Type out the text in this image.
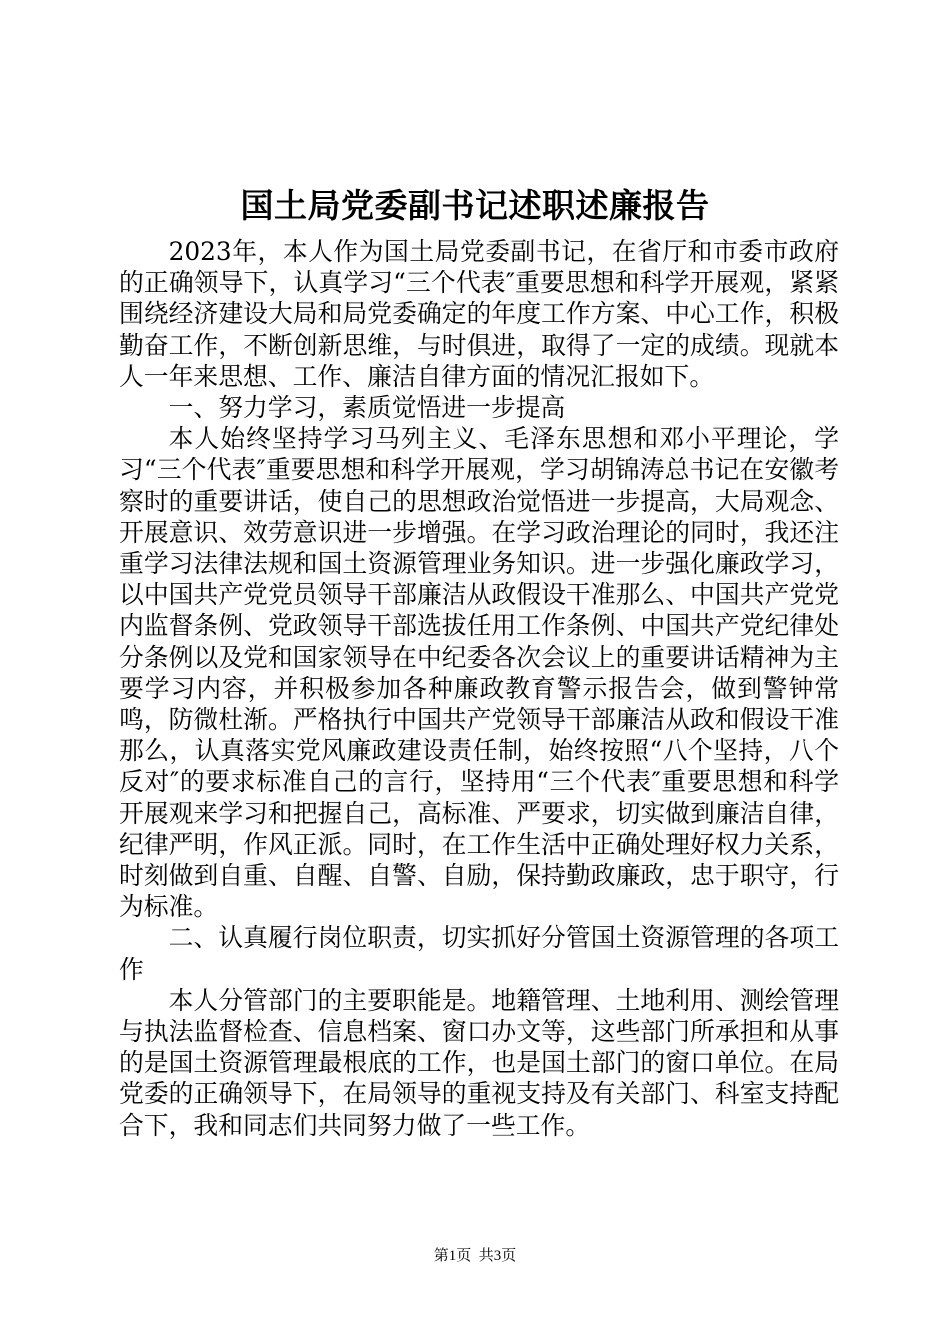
国土局党委副书记述职述廉报告

2023年，本人作为国土局党委副书记，在省厅和市委市政府的正确领导下，认真学习“三个代表″重要思想和科学开展观，紧紧围绕经济建设大局和局党委确定的年度工作方案、中心工作，积极勤奋工作，不断创新思维，与时俱进，取得了一定的成绩。现就本人一年来思想、工作、廉洁自律方面的情况汇报如下。

一、努力学习，素质觉悟进一步提高

本人始终坚持学习马列主义、毛泽东思想和邓小平理论，学习“三个代表″重要思想和科学开展观，学习胡锦涛总书记在安徽考察时的重要讲话，使自己的思想政治觉悟进一步提高，大局观念、开展意识、效劳意识进一步增强。在学习政治理论的同时，我还注重学习法律法规和国土资源管理业务知识。进一步强化廉政学习，以中国共产党党员领导干部廉洁从政假设干准那么、中国共产党党内监督条例、党政领导干部选拔任用工作条例、中国共产党纪律处分条例以及党和国家领导在中纪委各次会议上的重要讲话精神为主要学习内容，并积极参加各种廉政教育警示报告会，做到警钟常鸣，防微杜渐。严格执行中国共产党领导干部廉洁从政和假设干准那么，认真落实党风廉政建设责任制，始终按照“八个坚持，八个反对″的要求标准自己的言行，坚持用“三个代表″重要思想和科学开展观来学习和把握自己，高标准、严要求，切实做到廉洁自律，纪律严明，作风正派。同时，在工作生活中正确处理好权力关系，时刻做到自重、自醒、自警、自励，保持勤政廉政，忠于职守，行为标准。

二、认真履行岗位职责，切实抓好分管国土资源管理的各项工作

本人分管部门的主要职能是。地籍管理、土地利用、测绘管理与执法监督检查、信息档案、窗口办文等，这些部门所承担和从事的是国土资源管理最根底的工作，也是国土部门的窗口单位。在局党委的正确领导下，在局领导的重视支持及有关部门、科室支持配合下，我和同志们共同努力做了一些工作。

第1页 共3页
